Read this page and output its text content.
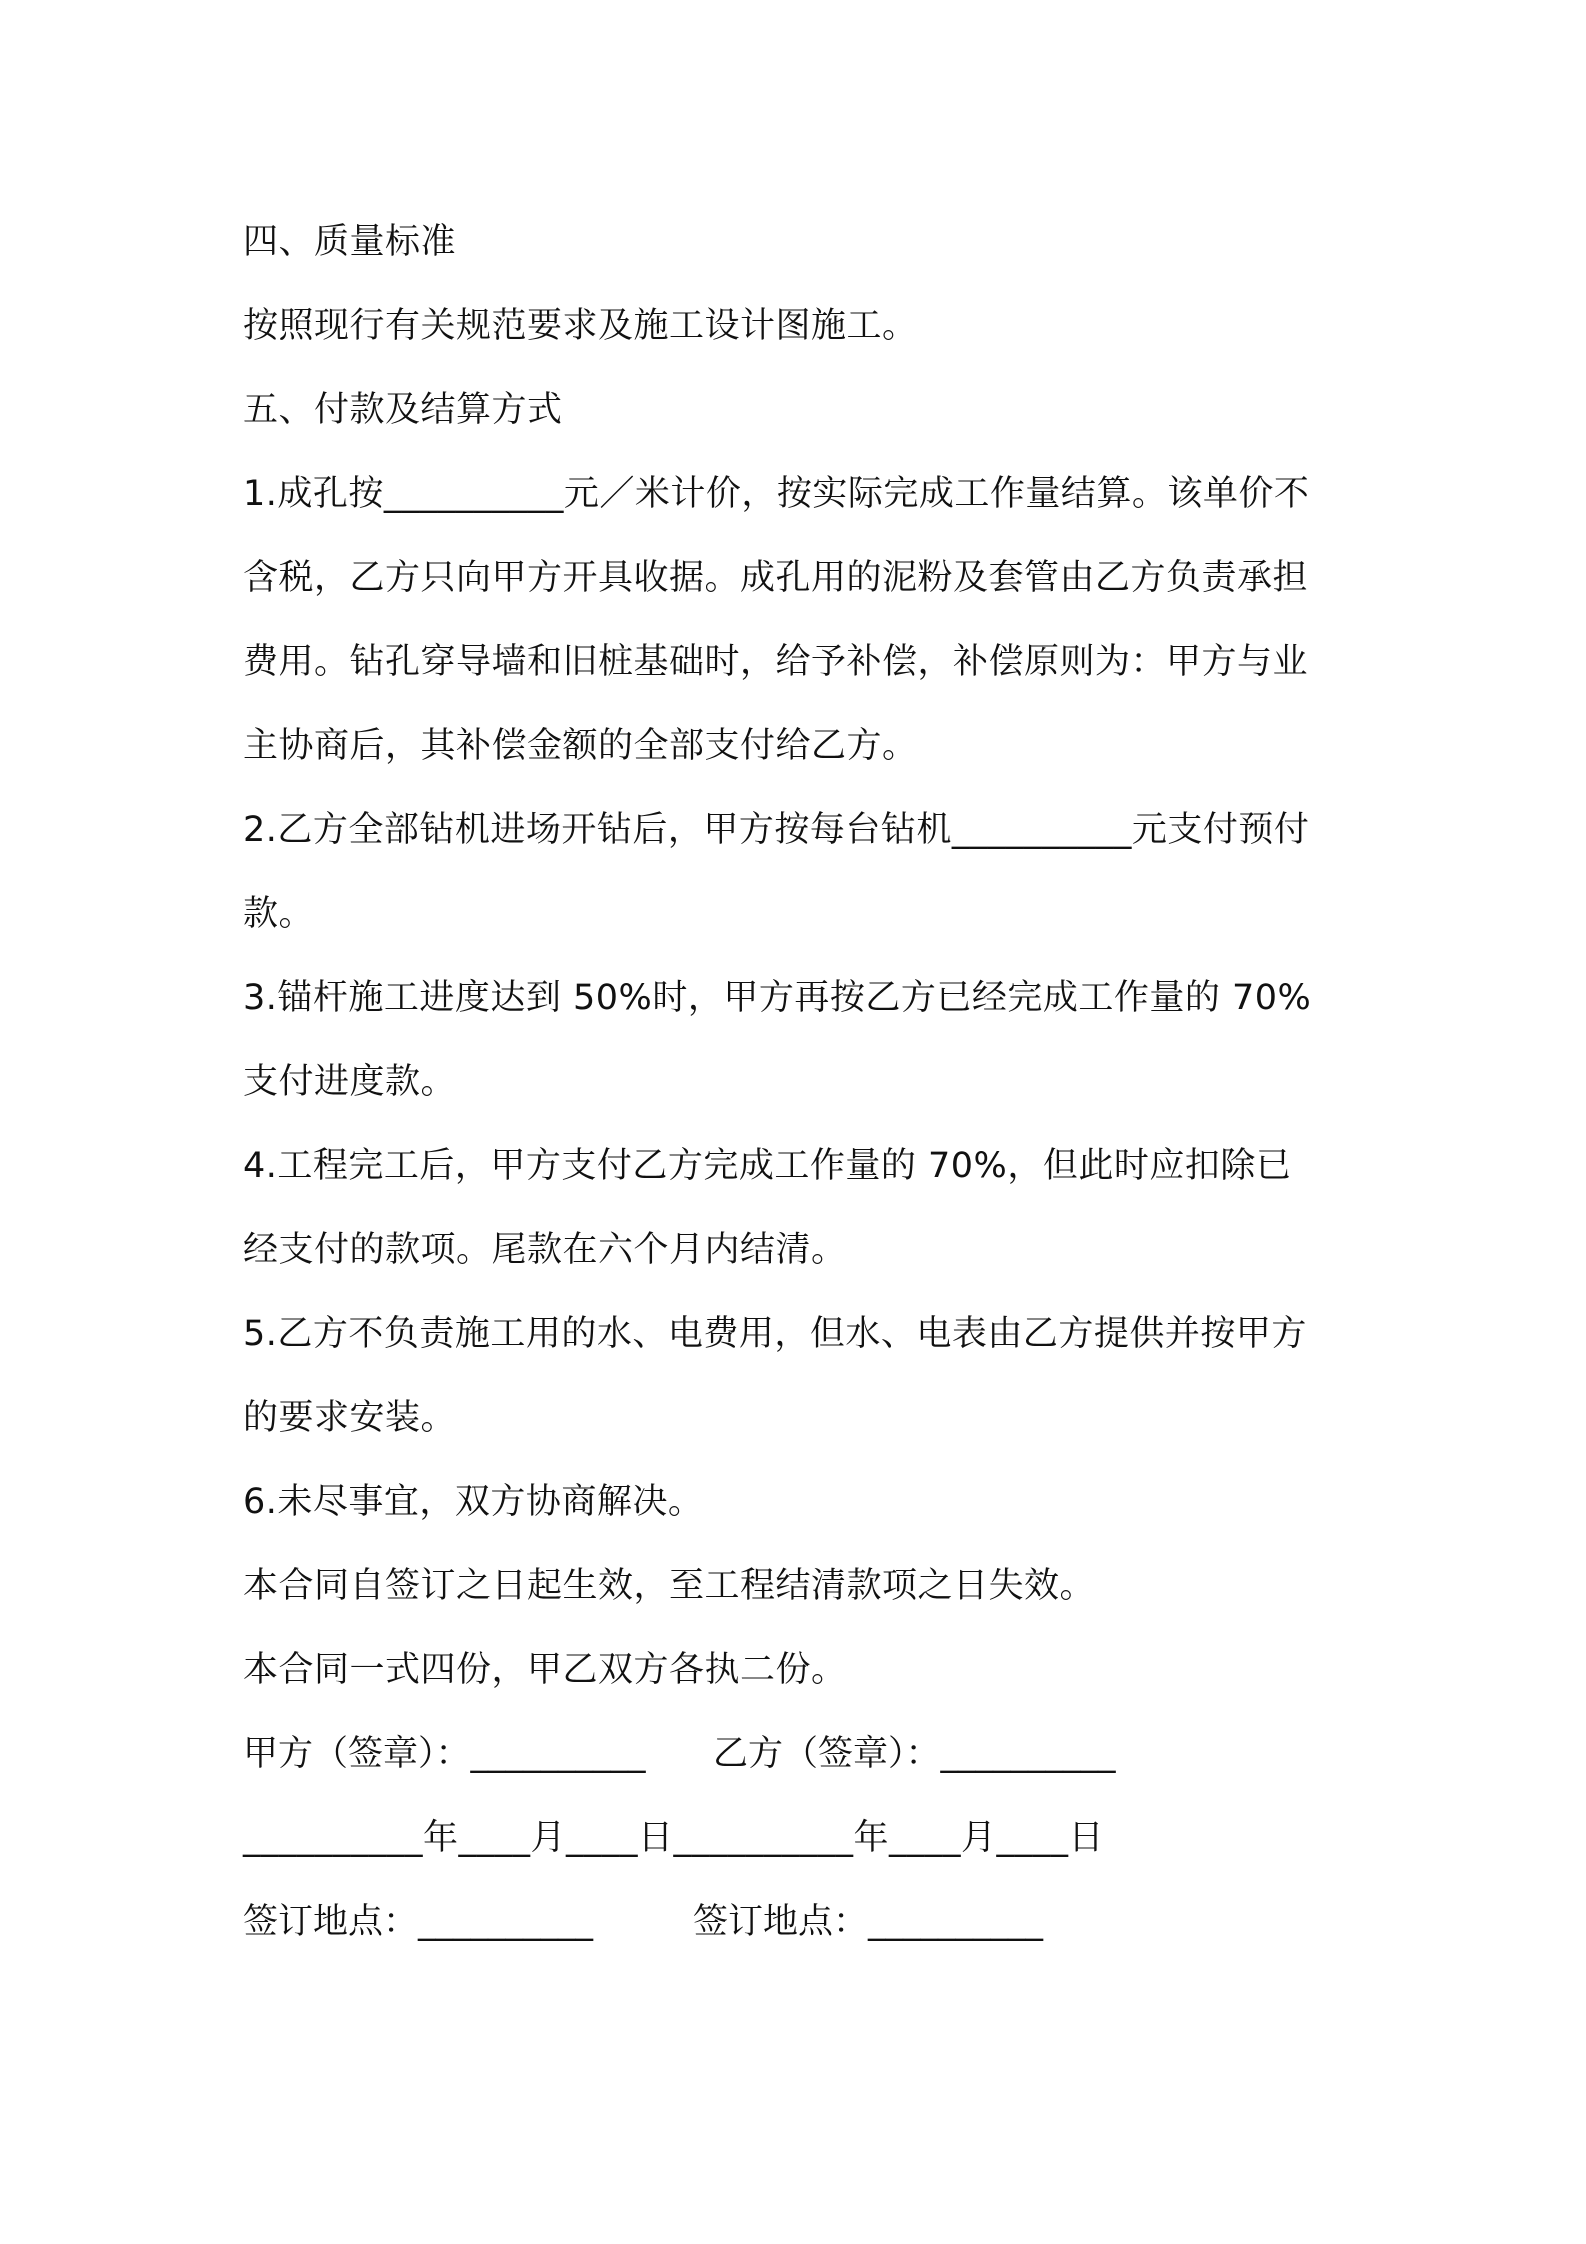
四、质量标准
按照现行有关规范要求及施工设计图施工。
五、付款及结算方式
1.成孔按__________元／米计价，按实际完成工作量结算。该单价不
含税，乙方只向甲方开具收据。成孔用的泥粉及套管由乙方负责承担
费用。钻孔穿导墙和旧桩基础时，给予补偿，补偿原则为：甲方与业
主协商后，其补偿金额的全部支付给乙方。
2.乙方全部钻机进场开钻后，甲方按每台钻机__________元支付预付
款。
3.锚杆施工进度达到 50%时，甲方再按乙方已经完成工作量的 70%
支付进度款。
4.工程完工后，甲方支付乙方完成工作量的 70%，但此时应扣除已
经支付的款项。尾款在六个月内结清。
5.乙方不负责施工用的水、电费用，但水、电表由乙方提供并按甲方
的要求安装。
6.未尽事宜，双方协商解决。
本合同自签订之日起生效，至工程结清款项之日失效。
本合同一式四份，甲乙双方各执二份。
甲方（签章）：__________ 乙方（签章）：__________
__________年____月____日__________年____月____日
签订地点：__________	签订地点：__________
